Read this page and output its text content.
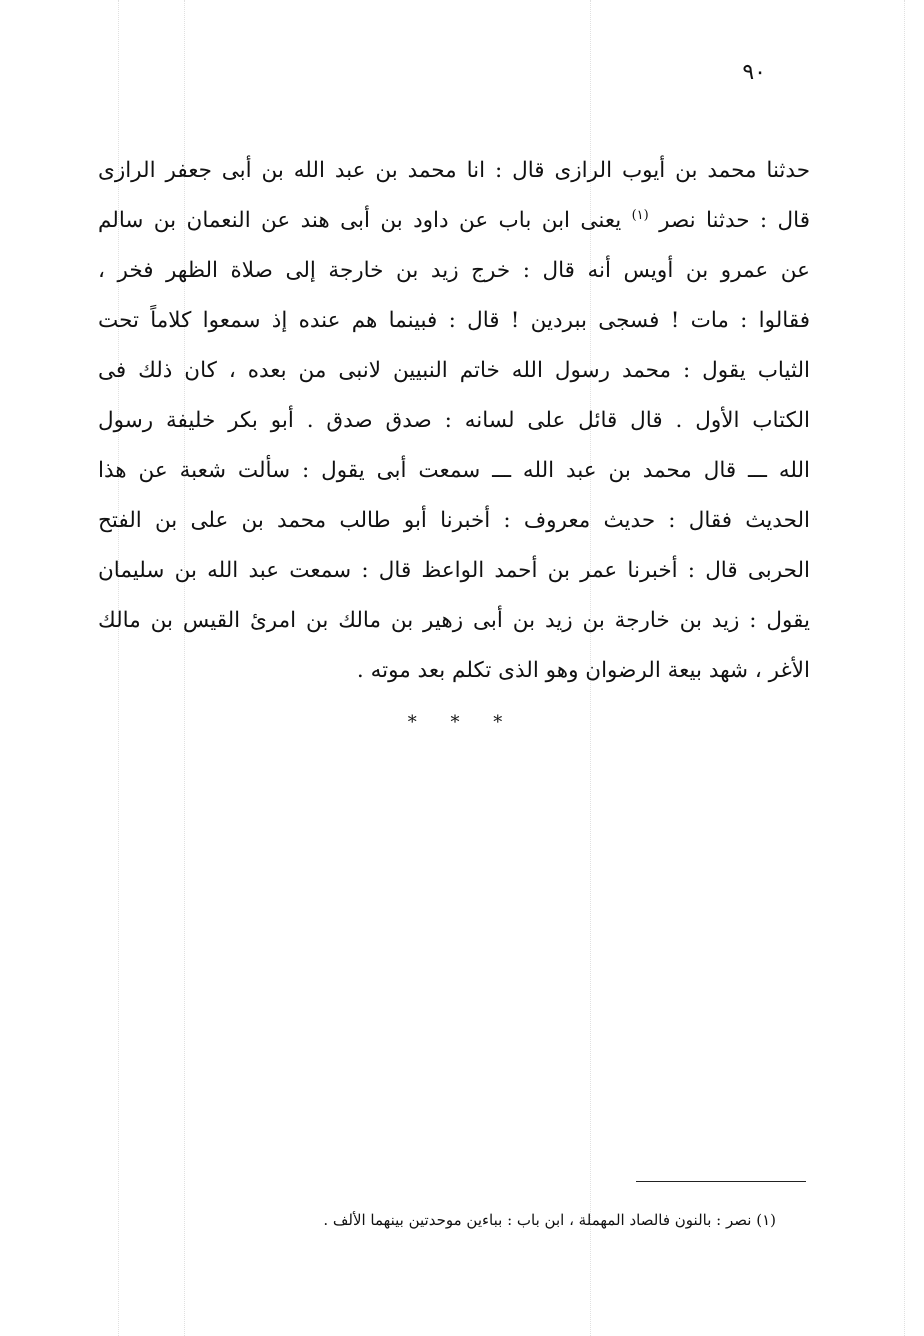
٩٠
حدثنا محمد بن أيوب الرازى قال : انا محمد بن عبد الله بن أبى جعفر الرازى
قال : حدثنا نصر $^{(١)}$ يعنى ابن باب عن داود بن أبى هند عن النعمان بن سالم
عن عمرو بن أويس أنه قال : خرج زيد بن خارجة إلى صلاة الظهر فخر ،
فقالوا : مات ! فسجى ببردين ! قال : فبينما هم عنده إذ سمعوا كلاماً تحت
الثياب يقول : محمد رسول الله خاتم النبيين لانبى من بعده ، كان ذلك فى
الكتاب الأول . قال قائل على لسانه : صدق صدق . أبو بكر خليفة رسول
الله ـــ قال محمد بن عبد الله ـــ سمعت أبى يقول : سألت شعبة عن هذا
الحديث فقال : حديث معروف : أخبرنا أبو طالب محمد بن على بن الفتح
الحربى قال : أخبرنا عمر بن أحمد الواعظ قال : سمعت عبد الله بن سليمان
يقول : زيد بن خارجة بن زيد بن أبى زهير بن مالك بن امرئ القيس بن مالك
الأغر ، شهد بيعة الرضوان وهو الذى تكلم بعد موته .
* * *
(١) نصر : بالنون فالصاد المهملة ، ابن باب : بباءين موحدتين بينهما الألف .
